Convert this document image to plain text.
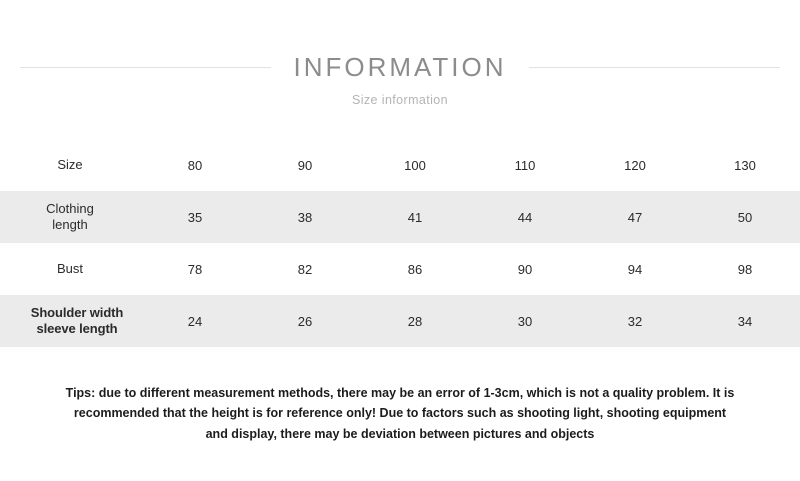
INFORMATION
Size information
Size	80	90	100	110	120	130

Clothing
length	35	38	41	44	47	50

Bust	78	82	86	90	94	98

Shoulder width
sleeve length	24	26	28	30	32	34
Tips: due to different measurement methods, there may be an error of 1-3cm, which is not a quality problem. It is recommended that the height is for reference only! Due to factors such as shooting light, shooting equipment and display, there may be deviation between pictures and objects
